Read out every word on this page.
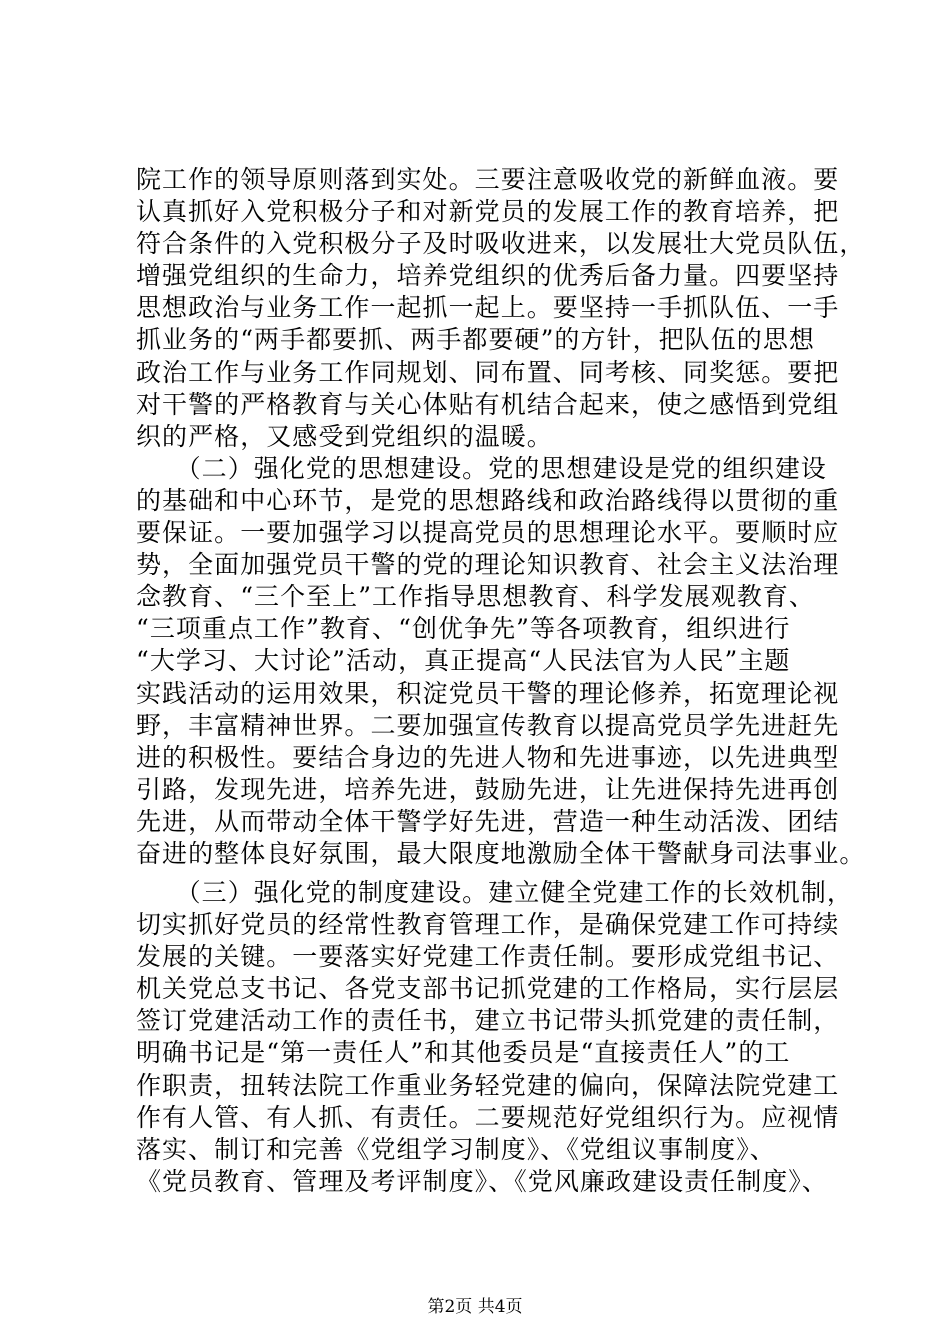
院工作的领导原则落到实处。三要注意吸收党的新鲜血液。要
认真抓好入党积极分子和对新党员的发展工作的教育培养，把
符合条件的入党积极分子及时吸收进来，以发展壮大党员队伍，
增强党组织的生命力，培养党组织的优秀后备力量。四要坚持
思想政治与业务工作一起抓一起上。要坚持一手抓队伍、一手
抓业务的“两手都要抓、两手都要硬”的方针，把队伍的思想
政治工作与业务工作同规划、同布置、同考核、同奖惩。要把
对干警的严格教育与关心体贴有机结合起来，使之感悟到党组
织的严格，又感受到党组织的温暖。
　　（二）强化党的思想建设。党的思想建设是党的组织建设
的基础和中心环节，是党的思想路线和政治路线得以贯彻的重
要保证。一要加强学习以提高党员的思想理论水平。要顺时应
势，全面加强党员干警的党的理论知识教育、社会主义法治理
念教育、“三个至上”工作指导思想教育、科学发展观教育、
“三项重点工作”教育、“创优争先”等各项教育，组织进行
“大学习、大讨论”活动，真正提高“人民法官为人民”主题
实践活动的运用效果，积淀党员干警的理论修养，拓宽理论视
野，丰富精神世界。二要加强宣传教育以提高党员学先进赶先
进的积极性。要结合身边的先进人物和先进事迹，以先进典型
引路，发现先进，培养先进，鼓励先进，让先进保持先进再创
先进，从而带动全体干警学好先进，营造一种生动活泼、团结
奋进的整体良好氛围，最大限度地激励全体干警献身司法事业。
　　（三）强化党的制度建设。建立健全党建工作的长效机制，
切实抓好党员的经常性教育管理工作，是确保党建工作可持续
发展的关键。一要落实好党建工作责任制。要形成党组书记、
机关党总支书记、各党支部书记抓党建的工作格局，实行层层
签订党建活动工作的责任书，建立书记带头抓党建的责任制，
明确书记是“第一责任人”和其他委员是“直接责任人”的工
作职责，扭转法院工作重业务轻党建的偏向，保障法院党建工
作有人管、有人抓、有责任。二要规范好党组织行为。应视情
落实、制订和完善《党组学习制度》、《党组议事制度》、
《党员教育、管理及考评制度》、《党风廉政建设责任制度》、
第2页 共4页
